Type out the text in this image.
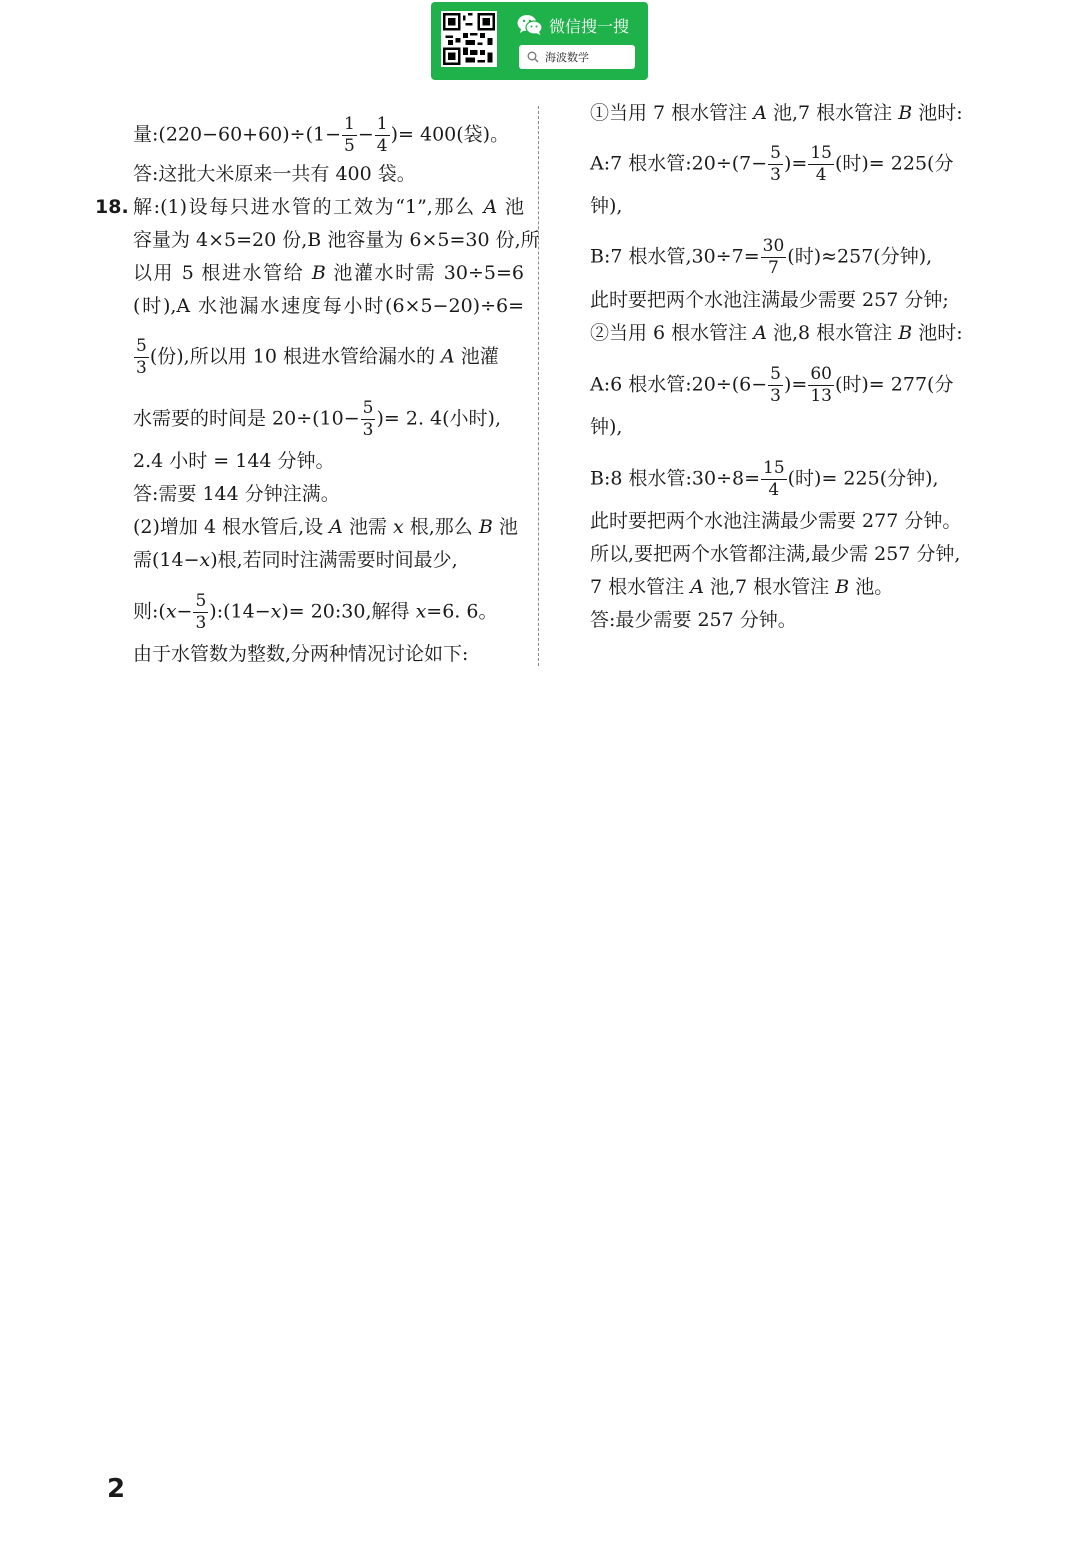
微信搜一搜
海波数学
18.
量:(220−60+60)÷(1− $\frac{1}{5} - \frac{1}{4}$ )= 400(袋)。
答:这批大米原来一共有 400 袋。
解:(1)设每只进水管的工效为“1”,那么 A 池
容量为 4×5=20 份,B 池容量为 6×5=30 份,所
以用 5 根进水管给 B 池灌水时需 30÷5=6
(时),A 水池漏水速度每小时(6×5−20)÷6=
$\frac{5}{3}$ (份),所以用 10 根进水管给漏水的 A 池灌
水需要的时间是 $20\div(10- \frac{5}{3}$ )= 2. 4(小时),
2.4 小时 = 144 分钟。
答:需要 144 分钟注满。
(2)增加 4 根水管后,设 A 池需 x 根,那么 B 池
需(14−x)根,若同时注满需要时间最少,
则:(x− $\frac{5}{3}$ ):(14−x)= 20:30,解得 x=6. 6。
由于水管数为整数,分两种情况讨论如下:
①当用 7 根水管注 A 池,7 根水管注 B 池时:
A:7 根水管:20÷(7− $\frac{5}{3}$ )= $\frac{15}{4}$ (时)= 225(分
钟),
B:7 根水管$,30\div 7= \frac{30}{7}$ (时)≈257(分钟),
此时要把两个水池注满最少需要 257 分钟;
②当用 6 根水管注 A 池,8 根水管注 B 池时:
A:6 根水管:20÷(6− $\frac{5}{3}$ )= $\frac{60}{13}$ (时)= 277(分
钟),
B:8 根水管:30÷8= $\frac{15}{4}$ (时)= 225(分钟),
此时要把两个水池注满最少需要 277 分钟。
所以,要把两个水管都注满,最少需 257 分钟,
7 根水管注 A 池,7 根水管注 B 池。
答:最少需要 257 分钟。
2
